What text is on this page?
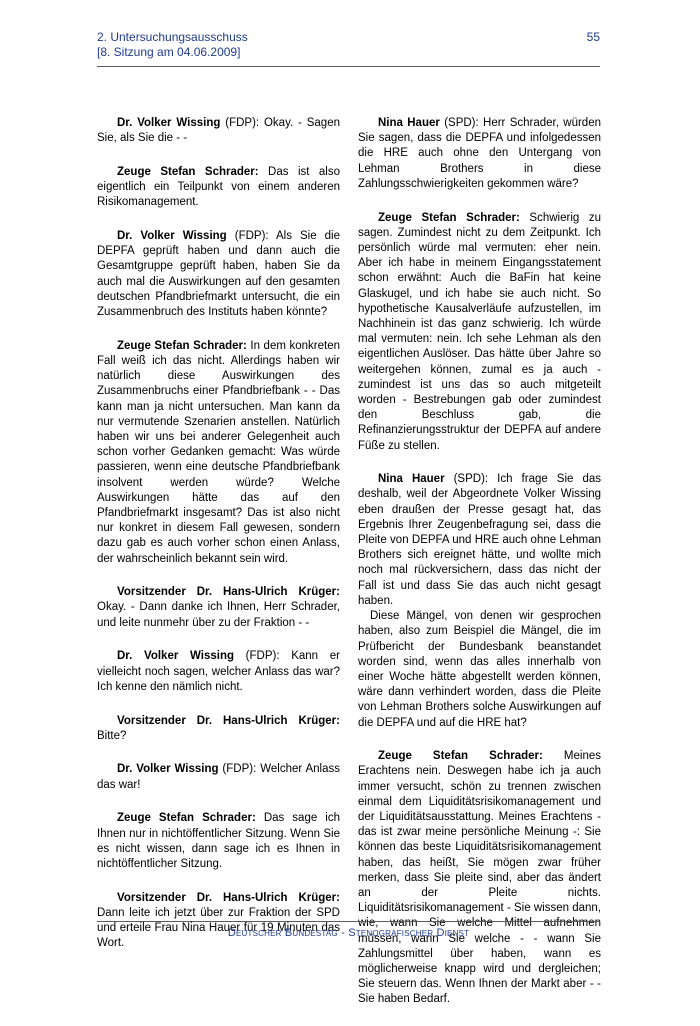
2. Untersuchungsausschuss
[8. Sitzung am 04.06.2009]
55

Dr. Volker Wissing (FDP): Okay. - Sagen Sie, als Sie die - -

Zeuge Stefan Schrader: Das ist also eigentlich ein Teilpunkt von einem anderen Risikomanagement.

Dr. Volker Wissing (FDP): Als Sie die DEPFA geprüft haben und dann auch die Gesamtgruppe geprüft haben, haben Sie da auch mal die Auswirkungen auf den gesamten deutschen Pfandbriefmarkt untersucht, die ein Zusammenbruch des Instituts haben könnte?

Zeuge Stefan Schrader: In dem konkreten Fall weiß ich das nicht. Allerdings haben wir natürlich diese Auswirkungen des Zusammenbruchs einer Pfandbriefbank - - Das kann man ja nicht untersuchen. Man kann da nur vermutende Szenarien anstellen. Natürlich haben wir uns bei anderer Gelegenheit auch schon vorher Gedanken gemacht: Was würde passieren, wenn eine deutsche Pfandbriefbank insolvent werden würde? Welche Auswirkungen hätte das auf den Pfandbriefmarkt insgesamt? Das ist also nicht nur konkret in diesem Fall gewesen, sondern dazu gab es auch vorher schon einen Anlass, der wahrscheinlich bekannt sein wird.

Vorsitzender Dr. Hans-Ulrich Krüger: Okay. - Dann danke ich Ihnen, Herr Schrader, und leite nunmehr über zu der Fraktion - -

Dr. Volker Wissing (FDP): Kann er vielleicht noch sagen, welcher Anlass das war? Ich kenne den nämlich nicht.

Vorsitzender Dr. Hans-Ulrich Krüger: Bitte?

Dr. Volker Wissing (FDP): Welcher Anlass das war!

Zeuge Stefan Schrader: Das sage ich Ihnen nur in nichtöffentlicher Sitzung. Wenn Sie es nicht wissen, dann sage ich es Ihnen in nichtöffentlicher Sitzung.

Vorsitzender Dr. Hans-Ulrich Krüger: Dann leite ich jetzt über zur Fraktion der SPD und erteile Frau Nina Hauer für 19 Minuten das Wort.

Nina Hauer (SPD): Herr Schrader, würden Sie sagen, dass die DEPFA und infolgedessen die HRE auch ohne den Untergang von Lehman Brothers in diese Zahlungsschwierigkeiten gekommen wäre?

Zeuge Stefan Schrader: Schwierig zu sagen. Zumindest nicht zu dem Zeitpunkt. Ich persönlich würde mal vermuten: eher nein. Aber ich habe in meinem Eingangsstatement schon erwähnt: Auch die BaFin hat keine Glaskugel, und ich habe sie auch nicht. So hypothetische Kausalverläufe aufzustellen, im Nachhinein ist das ganz schwierig. Ich würde mal vermuten: nein. Ich sehe Lehman als den eigentlichen Auslöser. Das hätte über Jahre so weitergehen können, zumal es ja auch - zumindest ist uns das so auch mitgeteilt worden - Bestrebungen gab oder zumindest den Beschluss gab, die Refinanzierungsstruktur der DEPFA auf andere Füße zu stellen.

Nina Hauer (SPD): Ich frage Sie das deshalb, weil der Abgeordnete Volker Wissing eben draußen der Presse gesagt hat, das Ergebnis Ihrer Zeugenbefragung sei, dass die Pleite von DEPFA und HRE auch ohne Lehman Brothers sich ereignet hätte, und wollte mich noch mal rückversichern, dass das nicht der Fall ist und dass Sie das auch nicht gesagt haben.

Diese Mängel, von denen wir gesprochen haben, also zum Beispiel die Mängel, die im Prüfbericht der Bundesbank beanstandet worden sind, wenn das alles innerhalb von einer Woche hätte abgestellt werden können, wäre dann verhindert worden, dass die Pleite von Lehman Brothers solche Auswirkungen auf die DEPFA und auf die HRE hat?

Zeuge Stefan Schrader: Meines Erachtens nein. Deswegen habe ich ja auch immer versucht, schön zu trennen zwischen einmal dem Liquiditätsrisikomanagement und der Liquiditätsausstattung. Meines Erachtens - das ist zwar meine persönliche Meinung -: Sie können das beste Liquiditätsrisikomanagement haben, das heißt, Sie mögen zwar früher merken, dass Sie pleite sind, aber das ändert an der Pleite nichts. Liquiditätsrisikomanagement - Sie wissen dann, wie, wann Sie welche Mittel aufnehmen müssen, wann Sie welche - - wann Sie Zahlungsmittel über haben, wann es möglicherweise knapp wird und dergleichen; Sie steuern das. Wenn Ihnen der Markt aber - - Sie haben Bedarf.

Deutscher Bundestag - Stenografischer Dienst
